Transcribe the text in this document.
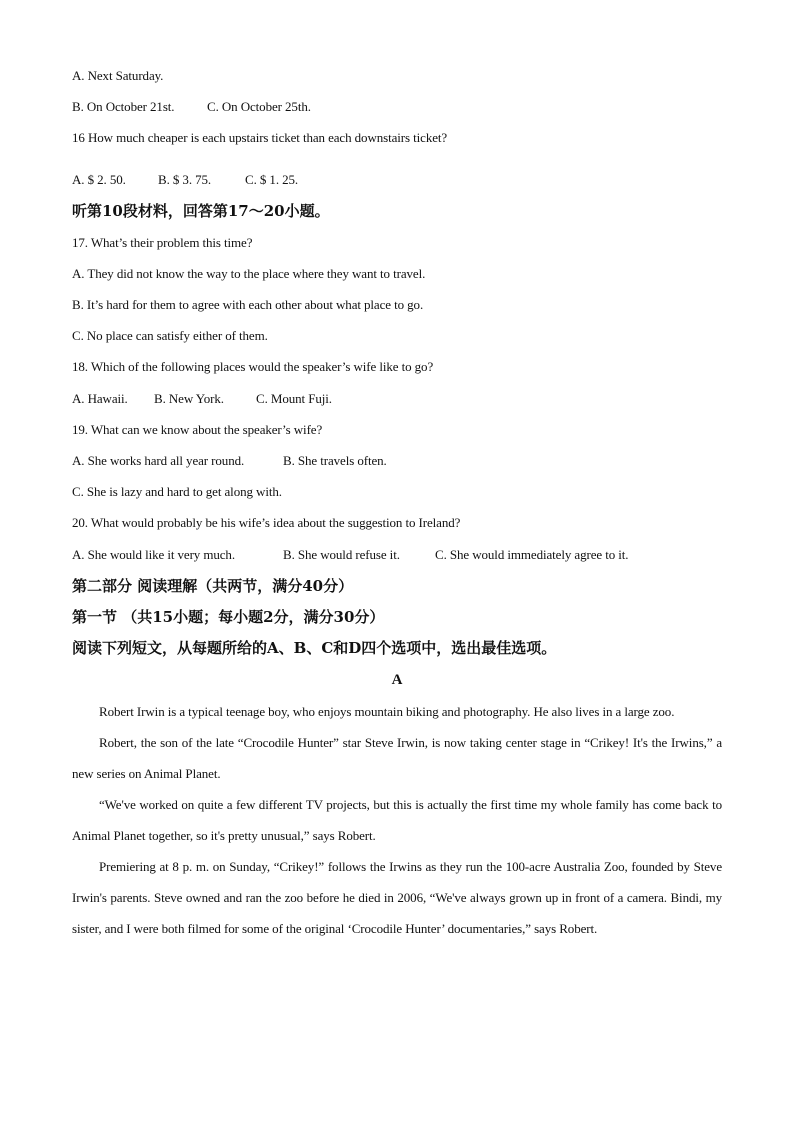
A. Next Saturday.
B. On October 21st.	C. On October 25th.
16 How much cheaper is each upstairs ticket than each downstairs ticket?
A. $ 2. 50. B. $ 3. 75.	C. $ 1. 25.
听第10段材料，回答第17～20小题。
17. What’s their problem this time?
A. They did not know the way to the place where they want to travel.
B. It’s hard for them to agree with each other about what place to go.
C. No place can satisfy either of them.
18. Which of the following places would the speaker’s wife like to go?
A. Hawaii. B. New York. C. Mount Fuji.
19. What can we know about the speaker’s wife?
A. She works hard all year round.	B. She travels often.
C. She is lazy and hard to get along with.
20. What would probably be his wife’s idea about the suggestion to Ireland?
A. She would like it very much.	B. She would refuse it.	C. She would immediately agree to it.
第二部分 阅读理解（共两节，满分40分）
第一节 （共15小题；每小题2分，满分30分）
阅读下列短文，从每题所给的A、B、C和D四个选项中，选出最佳选项。
A
Robert Irwin is a typical teenage boy, who enjoys mountain biking and photography. He also lives in a large zoo.
Robert, the son of the late “Crocodile Hunter” star Steve Irwin, is now taking center stage in “Crikey! It's the Irwins,” a new series on Animal Planet.
“We've worked on quite a few different TV projects, but this is actually the first time my whole family has come back to Animal Planet together, so it's pretty unusual,” says Robert.
Premiering at 8 p. m. on Sunday, “Crikey!” follows the Irwins as they run the 100-acre Australia Zoo, founded by Steve Irwin's parents. Steve owned and ran the zoo before he died in 2006, “We've always grown up in front of a camera. Bindi, my sister, and I were both filmed for some of the original ‘Crocodile Hunter’ documentaries,” says Robert.
